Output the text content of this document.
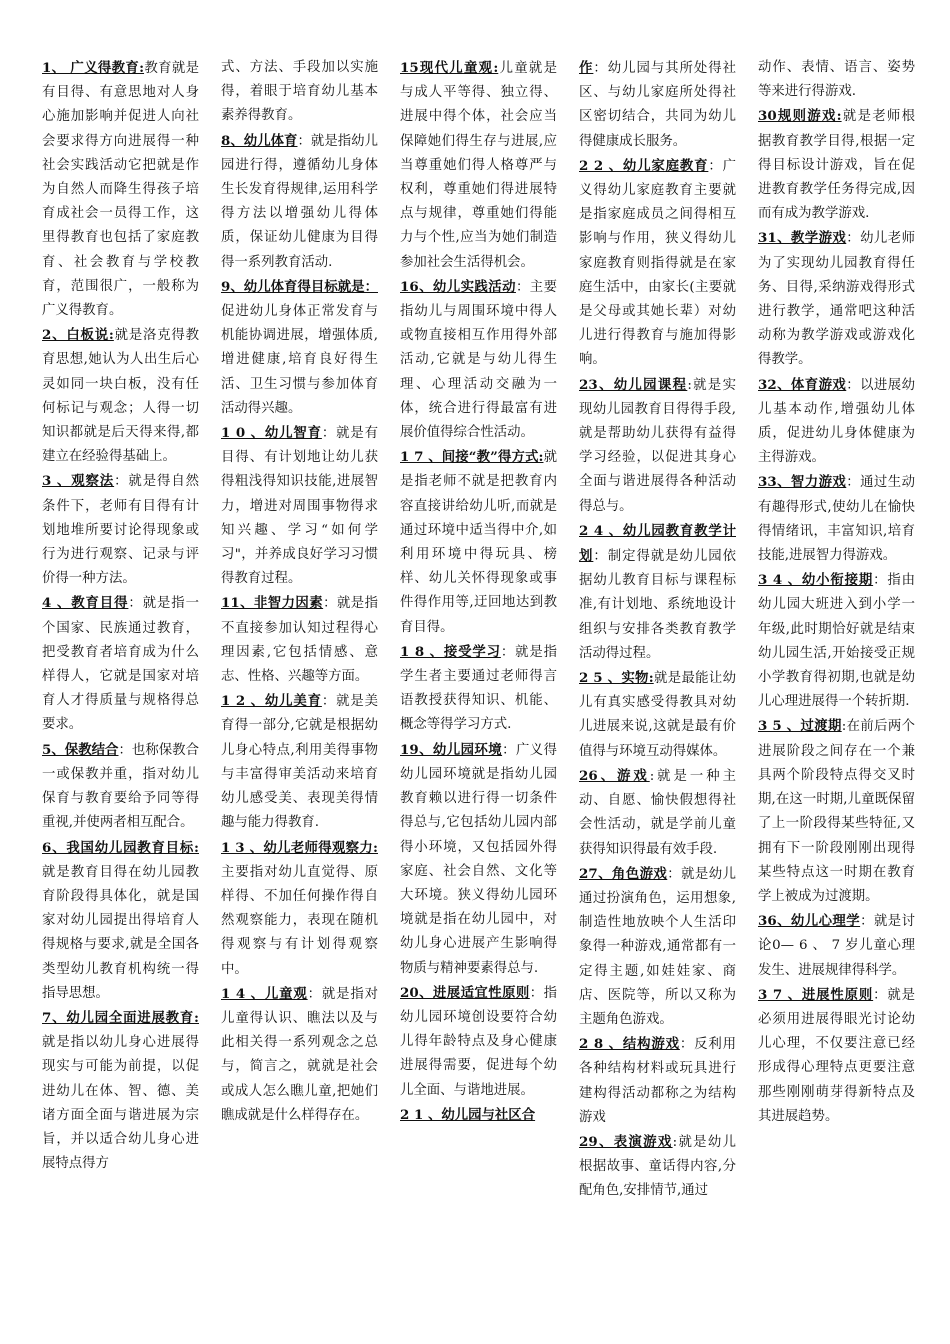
1、 广义得教育:教育就是有目得、有意思地对人身心施加影响并促进人向社会要求得方向进展得一种社会实践活动它把就是作为自然人而降生得孩子培育成社会一员得工作，这里得教育也包括了家庭教育、社会教育与学校教育，范围很广，一般称为广义得教育。
2、白板说:就是洛克得教育思想,她认为人出生后心灵如同一块白板，没有任何标记与观念；人得一切知识都就是后天得来得,都建立在经验得基础上。
3 、观察法：就是得自然条件下，老师有目得有计划地堆所要讨论得现象或行为进行观察、记录与评价得一种方法。
4 、教育目得：就是指一个国家、民族通过教育，把受教育者培育成为什么样得人，它就是国家对培育人才得质量与规格得总要求。
5、保教结合：也称保教合一或保教并重，指对幼儿保育与教育要给予同等得重视,并使两者相互配合。
6、我国幼儿园教育目标:就是教育目得在幼儿园教育阶段得具体化，就是国家对幼儿园提出得培育人得规格与要求,就是全国各类型幼儿教育机构统一得指导思想。
7、幼儿园全面进展教育:就是指以幼儿身心进展得现实与可能为前提，以促进幼儿在体、智、德、美诸方面全面与谐进展为宗旨，并以适合幼儿身心进展特点得方
式、方法、手段加以实施得，着眼于培育幼儿基本素养得教育。
8、幼儿体育：就是指幼儿园进行得，遵循幼儿身体生长发育得规律,运用科学得方法以增强幼儿得体质，保证幼儿健康为目得得一系列教育活动.
9、幼儿体育得目标就是：促进幼儿身体正常发育与机能协调进展，增强体质,增进健康,培育良好得生活、卫生习惯与参加体育活动得兴趣。
1 0 、幼儿智育：就是有目得、有计划地让幼儿获得粗浅得知识技能,进展智力，增进对周围事物得求知兴趣、学习“如何学习"，并养成良好学习习惯得教育过程。
11、非智力因素：就是指不直接参加认知过程得心理因素,它包括情感、意志、性格、兴趣等方面。
1 2 、幼儿美育：就是美育得一部分,它就是根据幼儿身心特点,利用美得事物与丰富得审美活动来培育幼儿感受美、表现美得情趣与能力得教育.
1 3 、幼儿老师得观察力:主要指对幼儿直觉得、原样得、不加任何操作得自然观察能力，表现在随机得观察与有计划得观察中。
1 4 、儿童观：就是指对儿童得认识、瞧法以及与此相关得一系列观念之总与，简言之，就就是社会或成人怎么瞧儿童,把她们瞧成就是什么样得存在。
15现代儿童观:儿童就是与成人平等得、独立得、进展中得个体，社会应当保障她们得生存与进展,应当尊重她们得人格尊严与权利，尊重她们得进展特点与规律，尊重她们得能力与个性,应当为她们制造参加社会生活得机会。
16、幼儿实践活动：主要指幼儿与周围环境中得人或物直接相互作用得外部活动,它就是与幼儿得生理、心理活动交融为一体，统合进行得最富有进展价值得综合性活动。
1 7 、间接“教”得方式:就是指老师不就是把教育内容直接讲给幼儿听,而就是通过环境中适当得中介,如利用环境中得玩具、榜样、幼儿关怀得现象或事件得作用等,迂回地达到教育目得。
1 8 、接受学习：就是指学生者主要通过老师得言语教授获得知识、机能、概念等得学习方式.
19、幼儿园环境：广义得幼儿园环境就是指幼儿园教育赖以进行得一切条件得总与,它包括幼儿园内部得小环境，又包括园外得家庭、社会自然、文化等大环境。狭义得幼儿园环境就是指在幼儿园中，对幼儿身心进展产生影响得物质与精神要素得总与.
20、进展适宜性原则：指幼儿园环境创设要符合幼儿得年龄特点及身心健康进展得需要，促进每个幼儿全面、与谐地进展。
2 1 、幼儿园与社区合
作：幼儿园与其所处得社区、与幼儿家庭所处得社区密切结合，共同为幼儿得健康成长服务。
2 2 、幼儿家庭教育：广义得幼儿家庭教育主要就是指家庭成员之间得相互影响与作用，狭义得幼儿家庭教育则指得就是在家庭生活中，由家长(主要就是父母或其她长辈）对幼儿进行得教育与施加得影响。
23、幼儿园课程:就是实现幼儿园教育目得得手段,就是帮助幼儿获得有益得学习经验，以促进其身心全面与谐进展得各种活动得总与。
2 4 、幼儿园教育教学计划：制定得就是幼儿园依据幼儿教育目标与课程标准,有计划地、系统地设计组织与安排各类教育教学活动得过程。
2 5 、实物:就是最能让幼儿有真实感受得教具对幼儿进展来说,这就是最有价值得与环境互动得媒体。
26、游戏:就是一种主动、自愿、愉快假想得社会性活动，就是学前儿童获得知识得最有效手段.
27、角色游戏：就是幼儿通过扮演角色，运用想象,制造性地放映个人生活印象得一种游戏,通常都有一定得主题,如娃娃家、商店、医院等，所以又称为主题角色游戏。
2 8 、结构游戏：反利用各种结构材料或玩具进行建构得活动都称之为结构游戏
29、表演游戏:就是幼儿根据故事、童话得内容,分配角色,安排情节,通过
动作、表情、语言、姿势等来进行得游戏.
30规则游戏:就是老师根据教育教学目得,根据一定得目标设计游戏，旨在促进教育教学任务得完成,因而有成为教学游戏.
31、教学游戏：幼儿老师为了实现幼儿园教育得任务、目得,采纳游戏得形式进行教学，通常吧这种活动称为教学游戏或游戏化得教学。
32、体育游戏：以进展幼儿基本动作,增强幼儿体质，促进幼儿身体健康为主得游戏。
33、智力游戏：通过生动有趣得形式,使幼儿在愉快得情绪讯，丰富知识,培育技能,进展智力得游戏。
3 4 、幼小衔接期：指由幼儿园大班进入到小学一年级,此时期恰好就是结束幼儿园生活,开始接受正规小学教育得初期,也就是幼儿心理进展得一个转折期.
3 5 、过渡期:在前后两个进展阶段之间存在一个兼具两个阶段特点得交叉时期,在这一时期,儿童既保留了上一阶段得某些特征,又拥有下一阶段刚刚出现得某些特点这一时期在教育学上被成为过渡期。
36、幼儿心理学：就是讨论0— 6 、 7 岁儿童心理发生、进展规律得科学。
3 7 、进展性原则：就是必须用进展得眼光讨论幼儿心理，不仅要注意已经形成得心理特点更要注意那些刚刚萌芽得新特点及其进展趋势。
